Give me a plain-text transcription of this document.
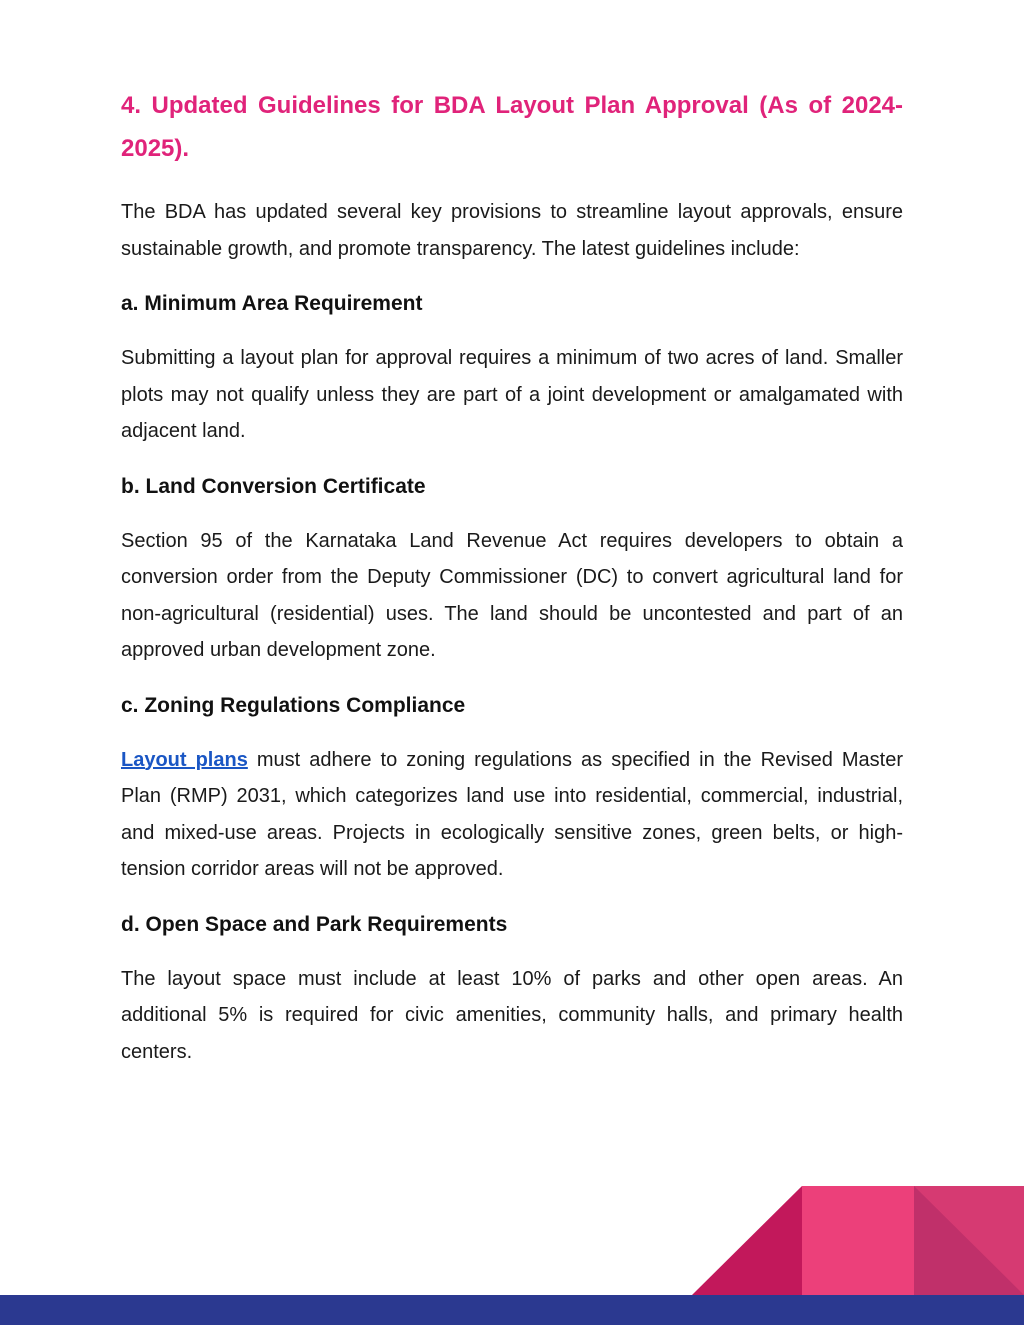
4. Updated Guidelines for BDA Layout Plan Approval (As of 2024-2025).

The BDA has updated several key provisions to streamline layout approvals, ensure sustainable growth, and promote transparency. The latest guidelines include:

a. Minimum Area Requirement

Submitting a layout plan for approval requires a minimum of two acres of land. Smaller plots may not qualify unless they are part of a joint development or amalgamated with adjacent land.

b. Land Conversion Certificate

Section 95 of the Karnataka Land Revenue Act requires developers to obtain a conversion order from the Deputy Commissioner (DC) to convert agricultural land for non-agricultural (residential) uses. The land should be uncontested and part of an approved urban development zone.

c. Zoning Regulations Compliance

Layout plans must adhere to zoning regulations as specified in the Revised Master Plan (RMP) 2031, which categorizes land use into residential, commercial, industrial, and mixed-use areas. Projects in ecologically sensitive zones, green belts, or high-tension corridor areas will not be approved.

d. Open Space and Park Requirements

The layout space must include at least 10% of parks and other open areas. An additional 5% is required for civic amenities, community halls, and primary health centers.
